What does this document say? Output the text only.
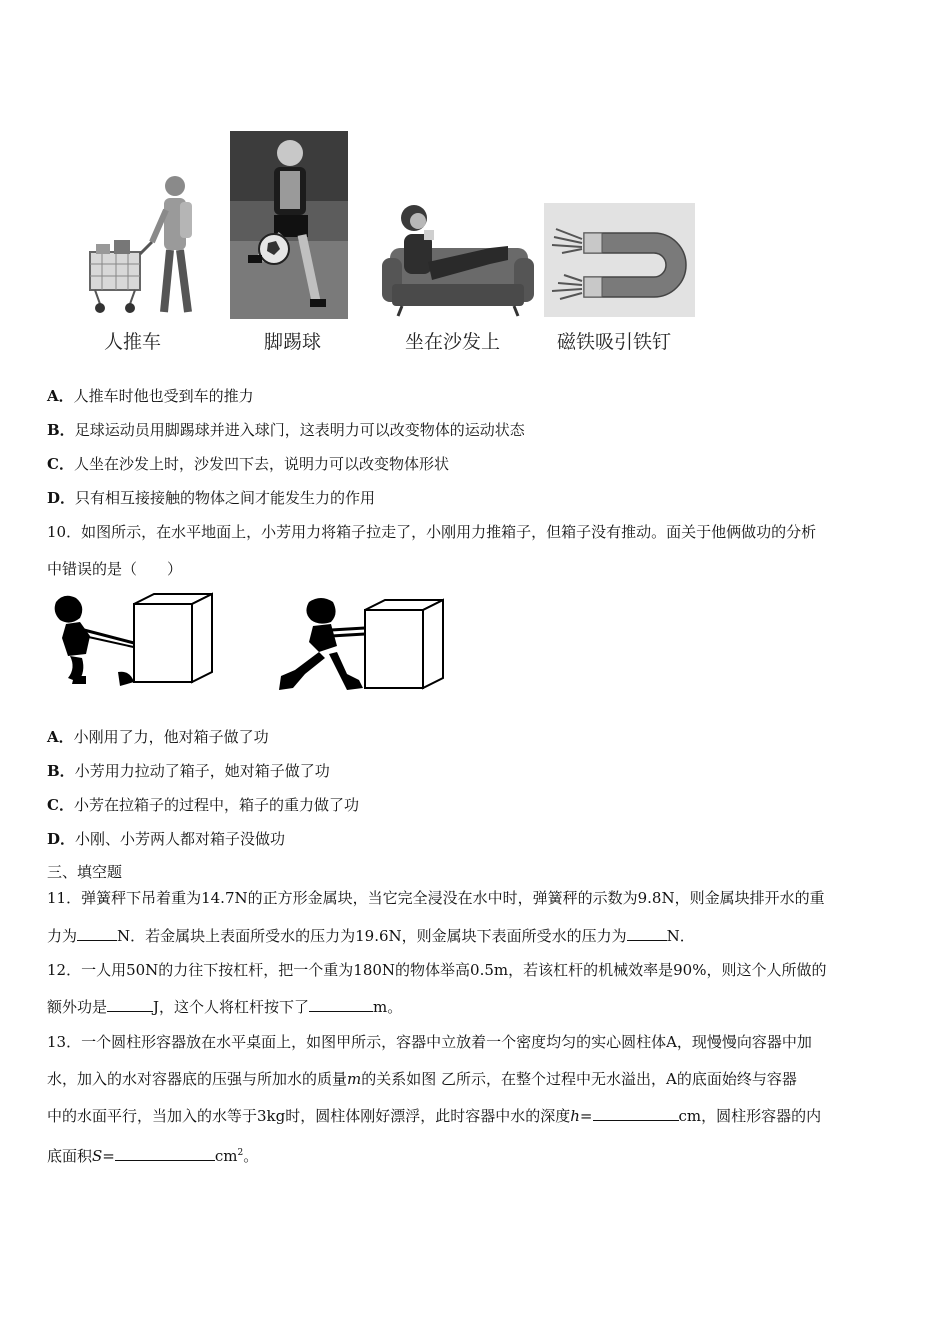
人推车	脚踢球	坐在沙发上	磁铁吸引铁钉
A．人推车时他也受到车的推力
B．足球运动员用脚踢球并进入球门，这表明力可以改变物体的运动状态
C．人坐在沙发上时，沙发凹下去，说明力可以改变物体形状
D．只有相互接接触的物体之间才能发生力的作用
10．如图所示，在水平地面上，小芳用力将箱子拉走了，小刚用力推箱子，但箱子没有推动。面关于他俩做功的分析
中错误的是（　　）
A．小刚用了力，他对箱子做了功
B．小芳用力拉动了箱子，她对箱子做了功
C．小芳在拉箱子的过程中，箱子的重力做了功
D．小刚、小芳两人都对箱子没做功
三、填空题
11．弹簧秤下吊着重为14.7N的正方形金属块，当它完全浸没在水中时，弹簧秤的示数为9.8N，则金属块排开水的重
力为	N．若金属块上表面所受水的压力为19.6N，则金属块下表面所受水的压力为	N．
12．一人用50N的力往下按杠杆，把一个重为180N的物体举高0.5m，若该杠杆的机械效率是90%，则这个人所做的
额外功是	J，这个人将杠杆按下了	m。
13．一个圆柱形容器放在水平桌面上，如图甲所示，容器中立放着一个密度均匀的实心圆柱体A，现慢慢向容器中加
水，加入的水对容器底的压强与所加水的质量m的关系如图 乙所示，在整个过程中无水溢出，A的底面始终与容器
中的水面平行，当加入的水等于3kg时，圆柱体刚好漂浮，此时容器中水的深度h=	cm，圆柱形容器的内
底面积S=	$cm^2$。
